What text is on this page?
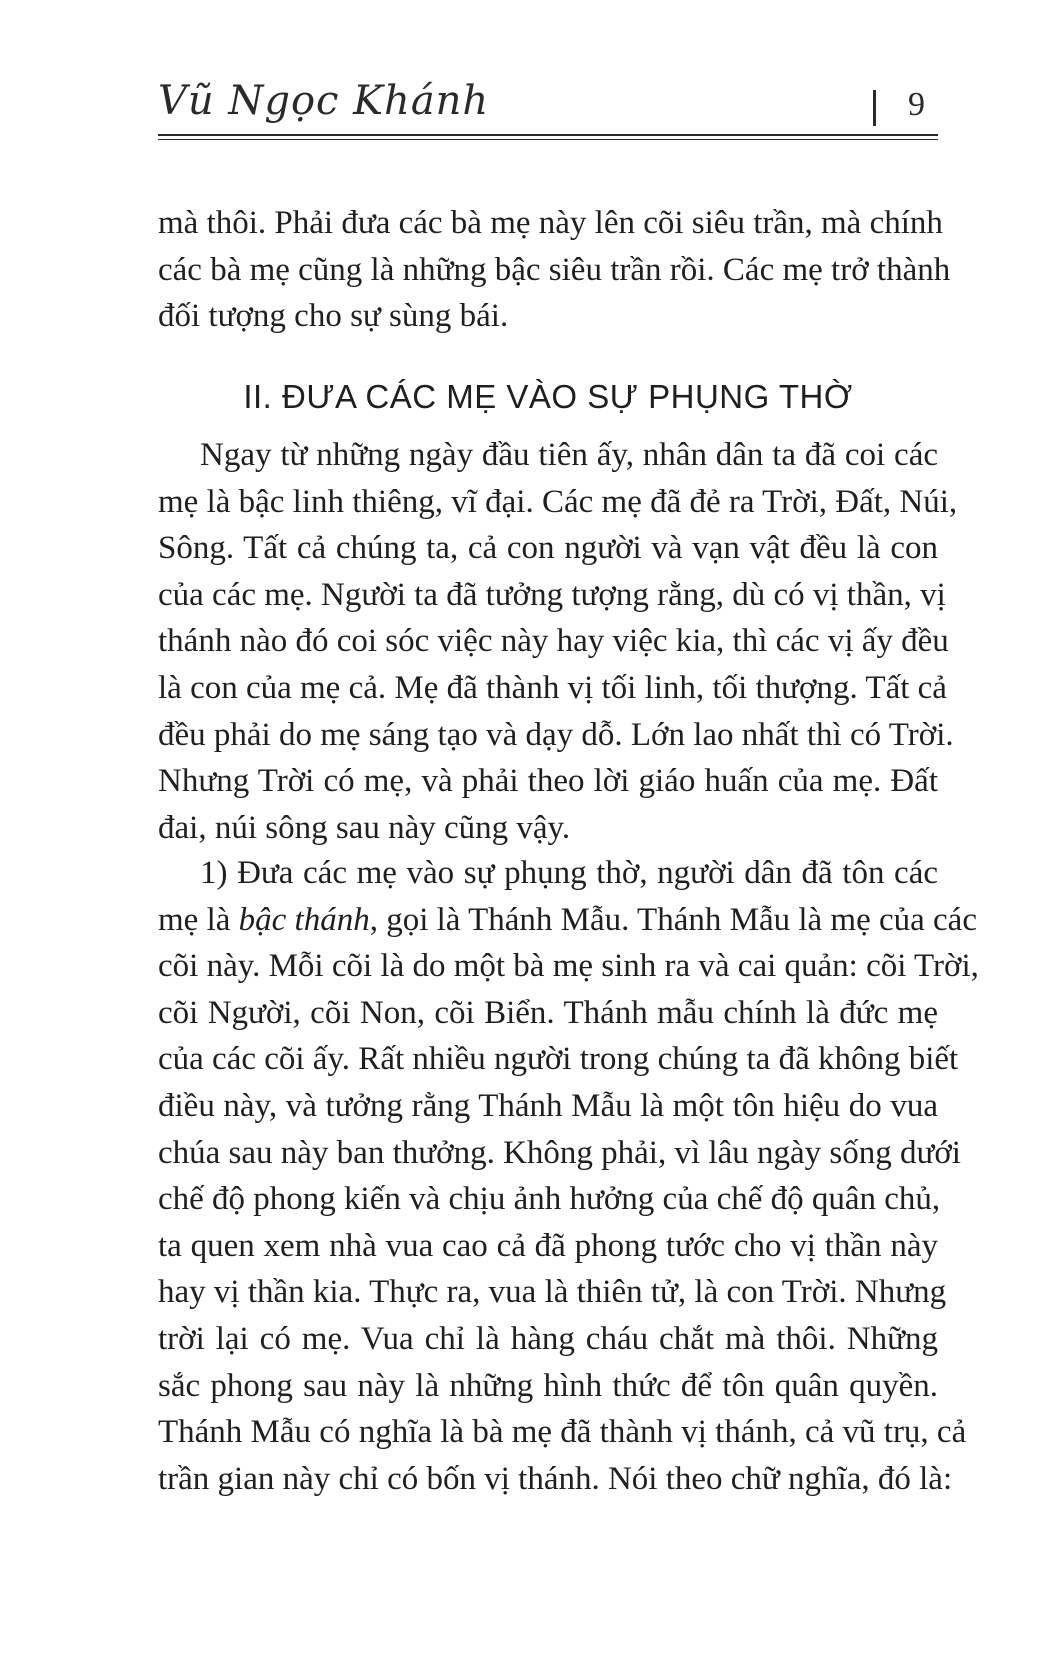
Vũ Ngọc Khánh	9
mà thôi. Phải đưa các bà mẹ này lên cõi siêu trần, mà chính
các bà mẹ cũng là những bậc siêu trần rồi. Các mẹ trở thành
đối tượng cho sự sùng bái.
II. ĐƯA CÁC MẸ VÀO SỰ PHỤNG THỜ
Ngay từ những ngày đầu tiên ấy, nhân dân ta đã coi các
mẹ là bậc linh thiêng, vĩ đại. Các mẹ đã đẻ ra Trời, Đất, Núi,
Sông. Tất cả chúng ta, cả con người và vạn vật đều là con
của các mẹ. Người ta đã tưởng tượng rằng, dù có vị thần, vị
thánh nào đó coi sóc việc này hay việc kia, thì các vị ấy đều
là con của mẹ cả. Mẹ đã thành vị tối linh, tối thượng. Tất cả
đều phải do mẹ sáng tạo và dạy dỗ. Lớn lao nhất thì có Trời.
Nhưng Trời có mẹ, và phải theo lời giáo huấn của mẹ. Đất
đai, núi sông sau này cũng vậy.
1) Đưa các mẹ vào sự phụng thờ, người dân đã tôn các
mẹ là bậc thánh, gọi là Thánh Mẫu. Thánh Mẫu là mẹ của các
cõi này. Mỗi cõi là do một bà mẹ sinh ra và cai quản: cõi Trời,
cõi Người, cõi Non, cõi Biển. Thánh mẫu chính là đức mẹ
của các cõi ấy. Rất nhiều người trong chúng ta đã không biết
điều này, và tưởng rằng Thánh Mẫu là một tôn hiệu do vua
chúa sau này ban thưởng. Không phải, vì lâu ngày sống dưới
chế độ phong kiến và chịu ảnh hưởng của chế độ quân chủ,
ta quen xem nhà vua cao cả đã phong tước cho vị thần này
hay vị thần kia. Thực ra, vua là thiên tử, là con Trời. Nhưng
trời lại có mẹ. Vua chỉ là hàng cháu chắt mà thôi. Những
sắc phong sau này là những hình thức để tôn quân quyền.
Thánh Mẫu có nghĩa là bà mẹ đã thành vị thánh, cả vũ trụ, cả
trần gian này chỉ có bốn vị thánh. Nói theo chữ nghĩa, đó là:
